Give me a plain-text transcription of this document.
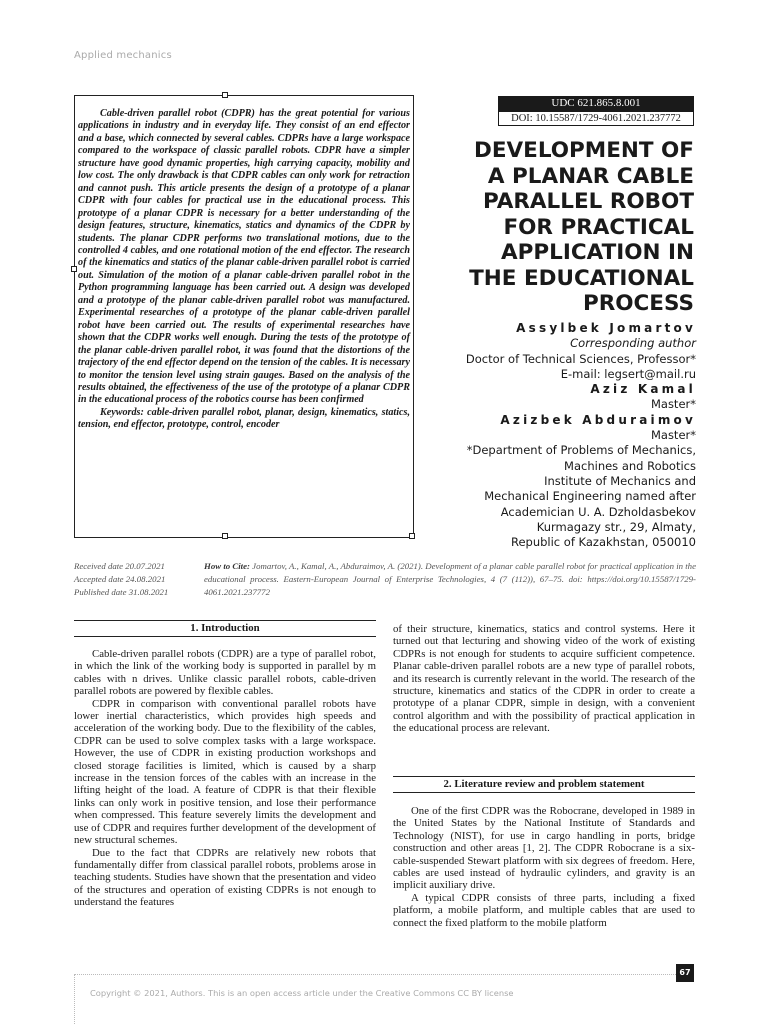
Applied mechanics

Cable-driven parallel robot (CDPR) has the great potential for various applications in industry and in everyday life. They consist of an end effector and a base, which connected by several cables. CDPRs have a large workspace compared to the workspace of classic parallel robots. CDPR have a simpler structure have good dynamic properties, high carrying capacity, mobility and low cost. The only drawback is that CDPR cables can only work for retraction and cannot push. This article presents the design of a prototype of a planar CDPR with four cables for practical use in the educational process. This prototype of a planar CDPR is necessary for a better understanding of the design features, structure, kinematics, statics and dynamics of the CDPR by students. The planar CDPR performs two translational motions, due to the controlled 4 cables, and one rotational motion of the end effector. The research of the kinematics and statics of the planar cable-driven parallel robot is carried out. Simulation of the motion of a planar cable-driven parallel robot in the Python programming language has been carried out. A design was developed and a prototype of the planar cable-driven parallel robot was manufactured. Experimental researches of a prototype of the planar cable-driven parallel robot have been carried out. The results of experimental researches have shown that the CDPR works well enough. During the tests of the prototype of the planar cable-driven parallel robot, it was found that the distortions of the trajectory of the end effector depend on the tension of the cables. It is necessary to monitor the tension level using strain gauges. Based on the analysis of the results obtained, the effectiveness of the use of the prototype of a planar CDPR in the educational process of the robotics course has been confirmed

Keywords: cable-driven parallel robot, planar, design, kinematics, statics, tension, end effector, prototype, control, encoder

UDC 621.865.8.001
DOI: 10.15587/1729-4061.2021.237772
DEVELOPMENT OF
A PLANAR CABLE
PARALLEL ROBOT
FOR PRACTICAL
APPLICATION IN
THE EDUCATIONAL
PROCESS
Assylbek Jomartov
Corresponding author
Doctor of Technical Sciences, Professor*
E-mail: legsert@mail.ru
Aziz Kamal
Master*
Azizbek Abduraimov
Master*
*Department of Problems of Mechanics,
Machines and Robotics
Institute of Mechanics and
Mechanical Engineering named after
Academician U. A. Dzholdasbekov
Kurmagazy str., 29, Almaty,
Republic of Kazakhstan, 050010
Received date 20.07.2021
Accepted date 24.08.2021
Published date 31.08.2021
How to Cite: Jomartov, A., Kamal, A., Abduraimov, A. (2021). Development of a planar cable parallel robot for practical application in the educational process. Eastern-European Journal of Enterprise Technologies, 4 (7 (112)), 67–75. doi: https://doi.org/10.15587/1729-4061.2021.237772
1. Introduction

Cable-driven parallel robots (CDPR) are a type of parallel robot, in which the link of the working body is supported in parallel by m cables with n drives. Unlike classic parallel robots, cable-driven parallel robots are powered by flexible cables.

CDPR in comparison with conventional parallel robots have lower inertial characteristics, which provides high speeds and acceleration of the working body. Due to the flexibility of the cables, CDPR can be used to solve complex tasks with a large workspace. However, the use of CDPR in existing production workshops and closed storage facilities is limited, which is caused by a sharp increase in the tension forces of the cables with an increase in the lifting height of the load. A feature of CDPR is that their flexible links can only work in positive tension, and lose their performance when compressed. This feature severely limits the development and use of CDPR and requires further development of the development of new structural schemes.

Due to the fact that CDPRs are relatively new robots that fundamentally differ from classical parallel robots, problems arose in teaching students. Studies have shown that the presentation and video of the structures and operation of existing CDPRs is not enough to understand the features

of their structure, kinematics, statics and control systems. Here it turned out that lecturing and showing video of the work of existing CDPRs is not enough for students to acquire sufficient competence. Planar cable-driven parallel robots are a new type of parallel robots, and its research is currently relevant in the world. The research of the structure, kinematics and statics of the CDPR in order to create a prototype of a planar CDPR, simple in design, with a convenient control algorithm and with the possibility of practical application in the educational process are relevant.

2. Literature review and problem statement

One of the first CDPR was the Robocrane, developed in 1989 in the United States by the National Institute of Standards and Technology (NIST), for use in cargo handling in ports, bridge construction and other areas [1, 2]. The CDPR Robocrane is a six-cable-suspended Stewart platform with six degrees of freedom. Here, cables are used instead of hydraulic cylinders, and gravity is an implicit auxiliary drive.

A typical CDPR consists of three parts, including a fixed platform, a mobile platform, and multiple cables that are used to connect the fixed platform to the mobile platform

67
Copyright © 2021, Authors. This is an open access article under the Creative Commons CC BY license
